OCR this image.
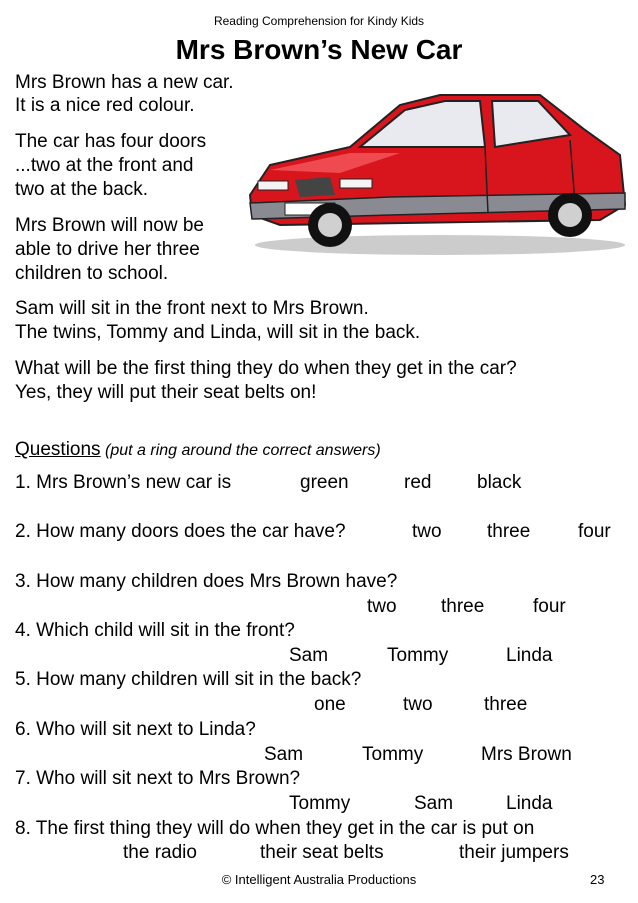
Reading Comprehension for Kindy Kids
Mrs Brown’s New Car
Mrs Brown has a new car.
It is a nice red colour.
The car has four doors
...two at the front and
two at the back.
Mrs Brown will now be
able to drive her three
children to school.
Sam will sit in the front next to Mrs Brown.
The twins, Tommy and Linda, will sit in the back.
What will be the first thing they do when they get in the car?
Yes, they will put their seat belts on!
Questions (put a ring around the correct answers)
1. Mrs Brown’s new car is	green	red black
2. How many doors does the car have?	two three	four
3. How many children does Mrs Brown have?
two three	four
4. Which child will sit in the front?
Sam	Tommy	Linda
5. How many children will sit in the back?
one	two	three
6. Who will sit next to Linda?
Sam	Tommy	Mrs Brown
7. Who will sit next to Mrs Brown?
Tommy	Sam	Linda
8. The first thing they will do when they get in the car is put on
the radio	their seat belts	their jumpers
© Intelligent Australia Productions	23
